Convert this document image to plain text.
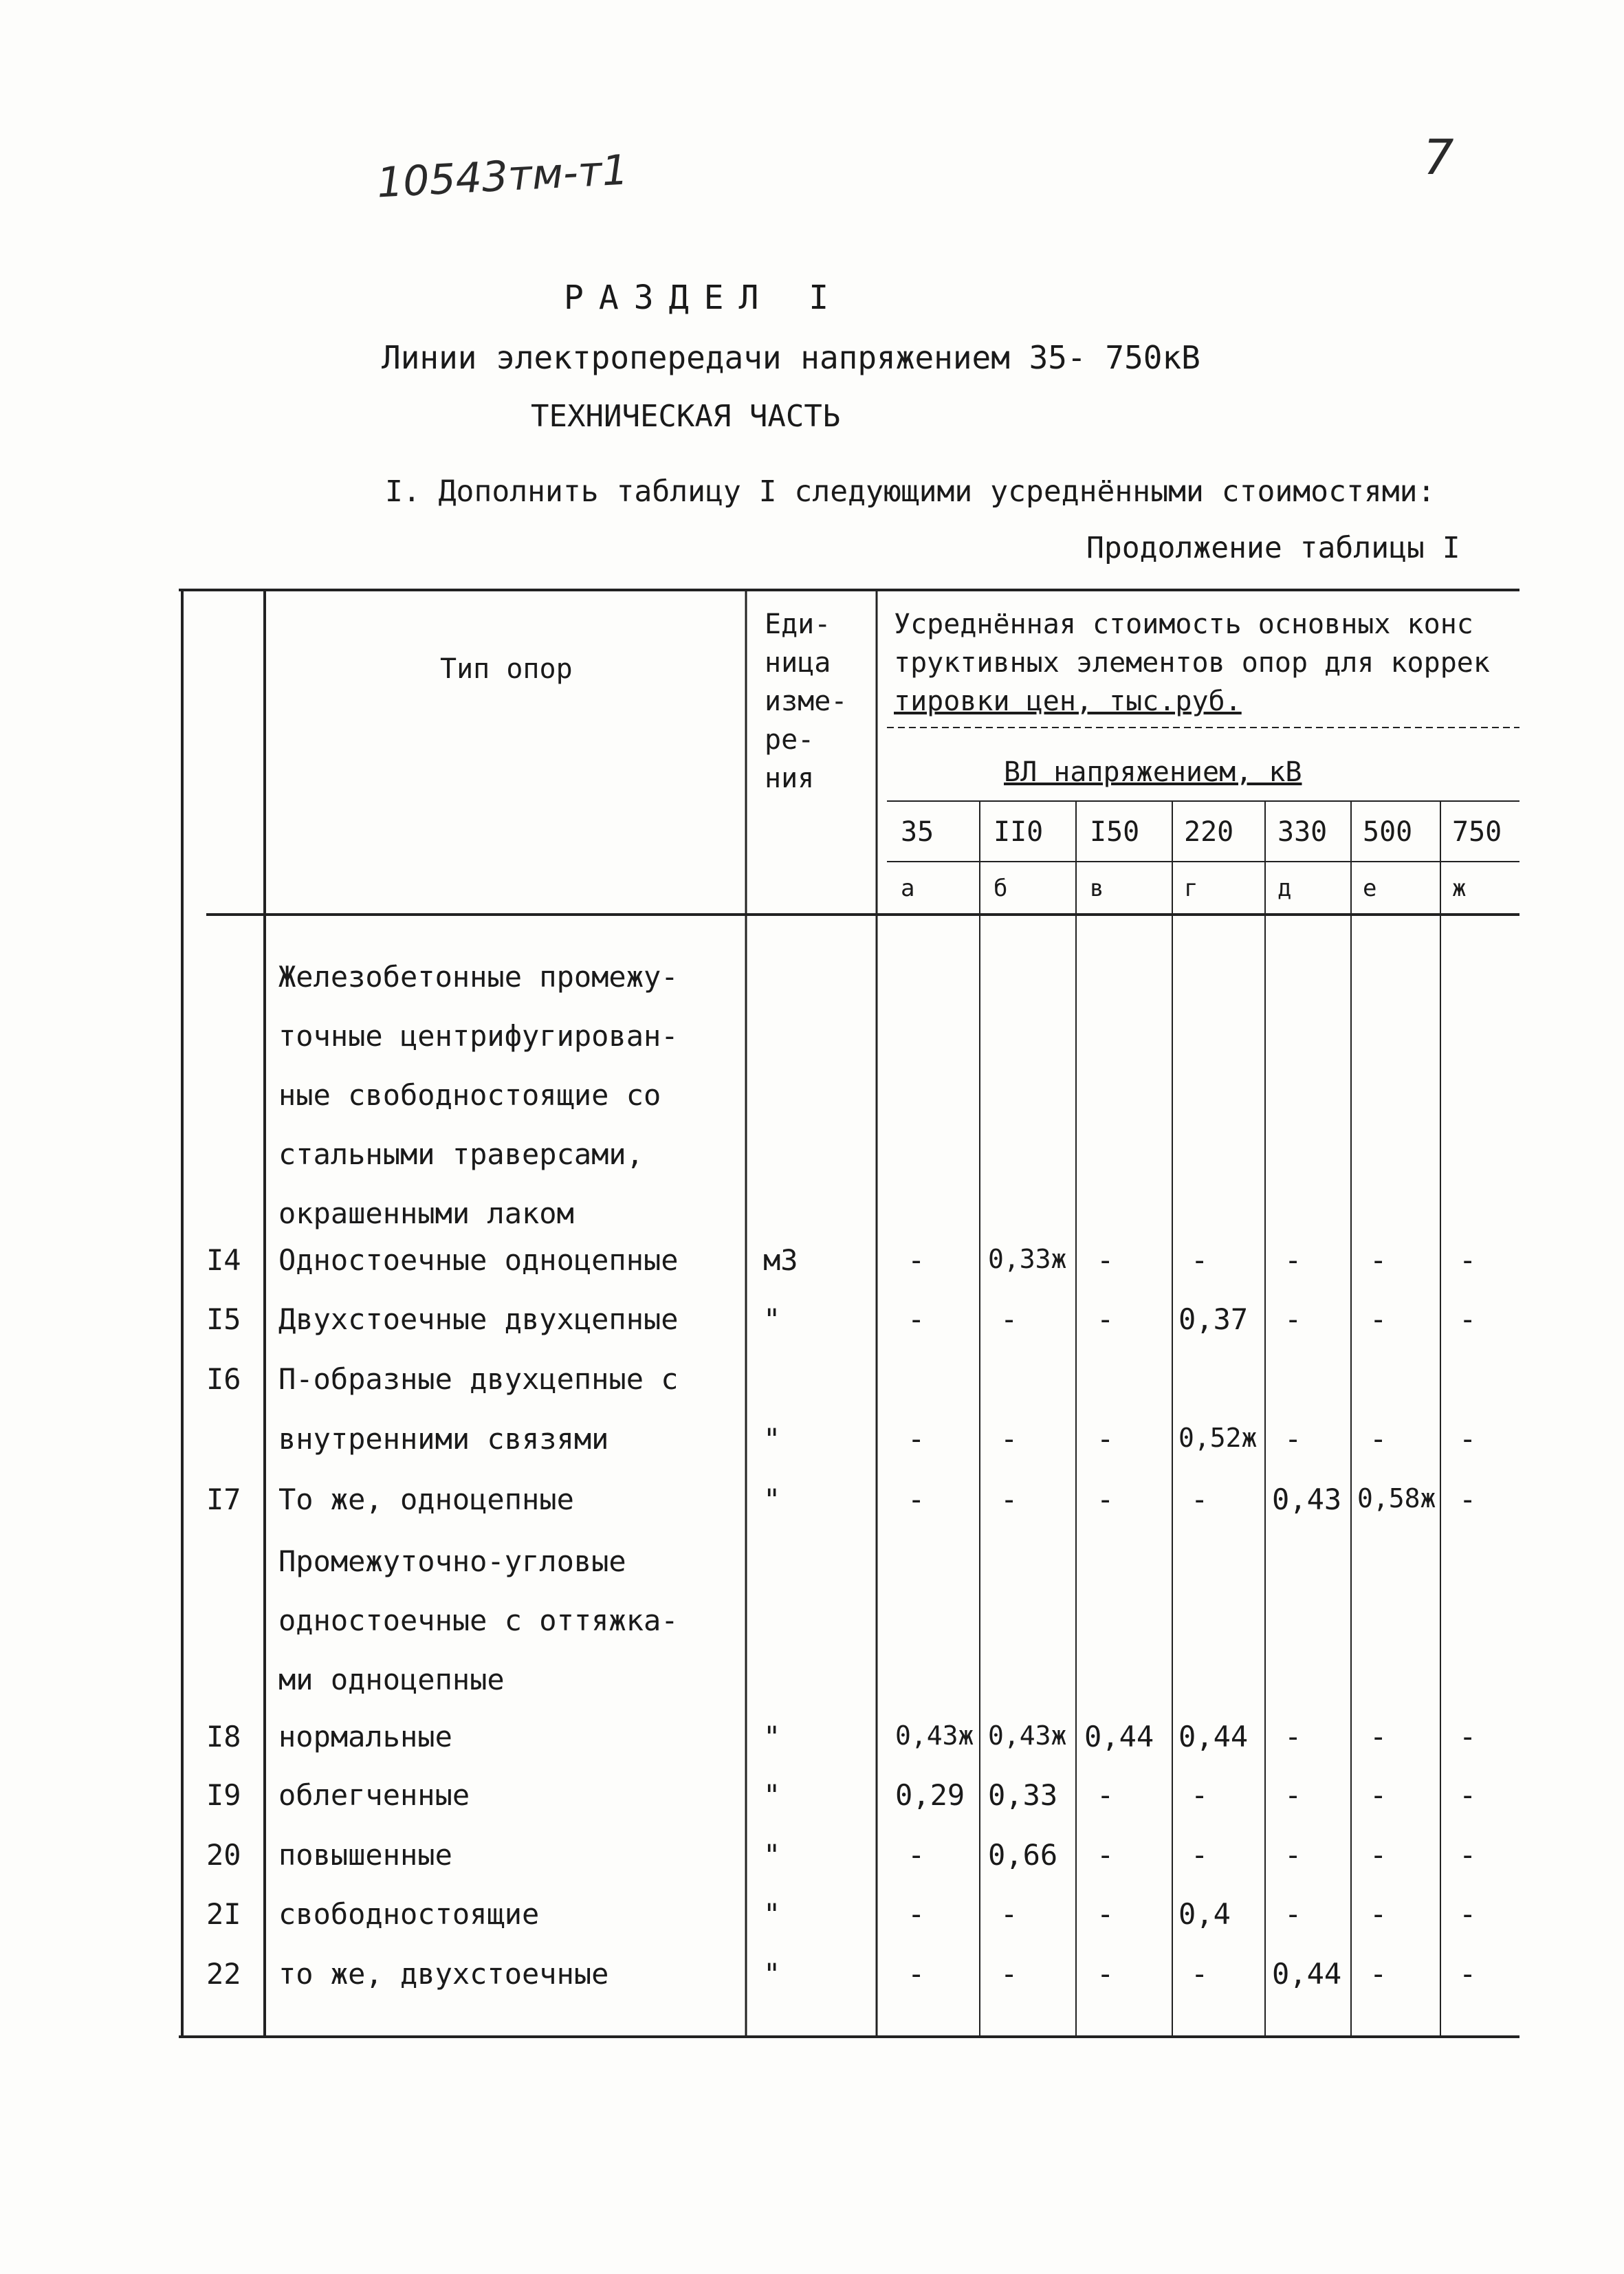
10543тм-т1	7
РАЗДЕЛ I
Линии электропередачи напряжением 35- 750кВ
ТЕХНИЧЕСКАЯ ЧАСТЬ
I. Дополнить таблицу I следующими усреднёнными стоимостями:
Продолжение таблицы I
Тип опор
Еди-
ница
изме-
ре-
ния
Усреднённая стоимость основных конс
труктивных элементов опор для коррек
тировки цен, тыс.руб.
ВЛ напряжением, кВ
Железобетонные промежу-
точные центрифугирован-
ные свободностоящие со
стальными траверсами,
окрашенными лаком
Промежуточно-угловые
одностоечные с оттяжка-
ми одноцепные
I4 Одностоечные одноцепные	м3	- 0,33ж -	-	- - -
I5 Двухстоечные двухцепные	"	-	-	- 0,37 - - -
I6 П-образные двухцепные с
внутренними связями	"	-	-	- 0,52ж - - -
I7 То же, одноцепные	"	-	-	-	- 0,43 0,58ж -
I8 нормальные	"	0,43ж 0,43ж 0,44 0,44 - - -
I9 облегченные	"	0,29 0,33 -	-	- - -
20 повышенные	"	- 0,66 -	-	- - -
2I свободностоящие	"	-	-	- 0,4 - - -
22 то же, двухстоечные	"	-	-	-	- 0,44 - -
35 II0 I50 220 330 500 750
а	б	в	г	д	е	ж
